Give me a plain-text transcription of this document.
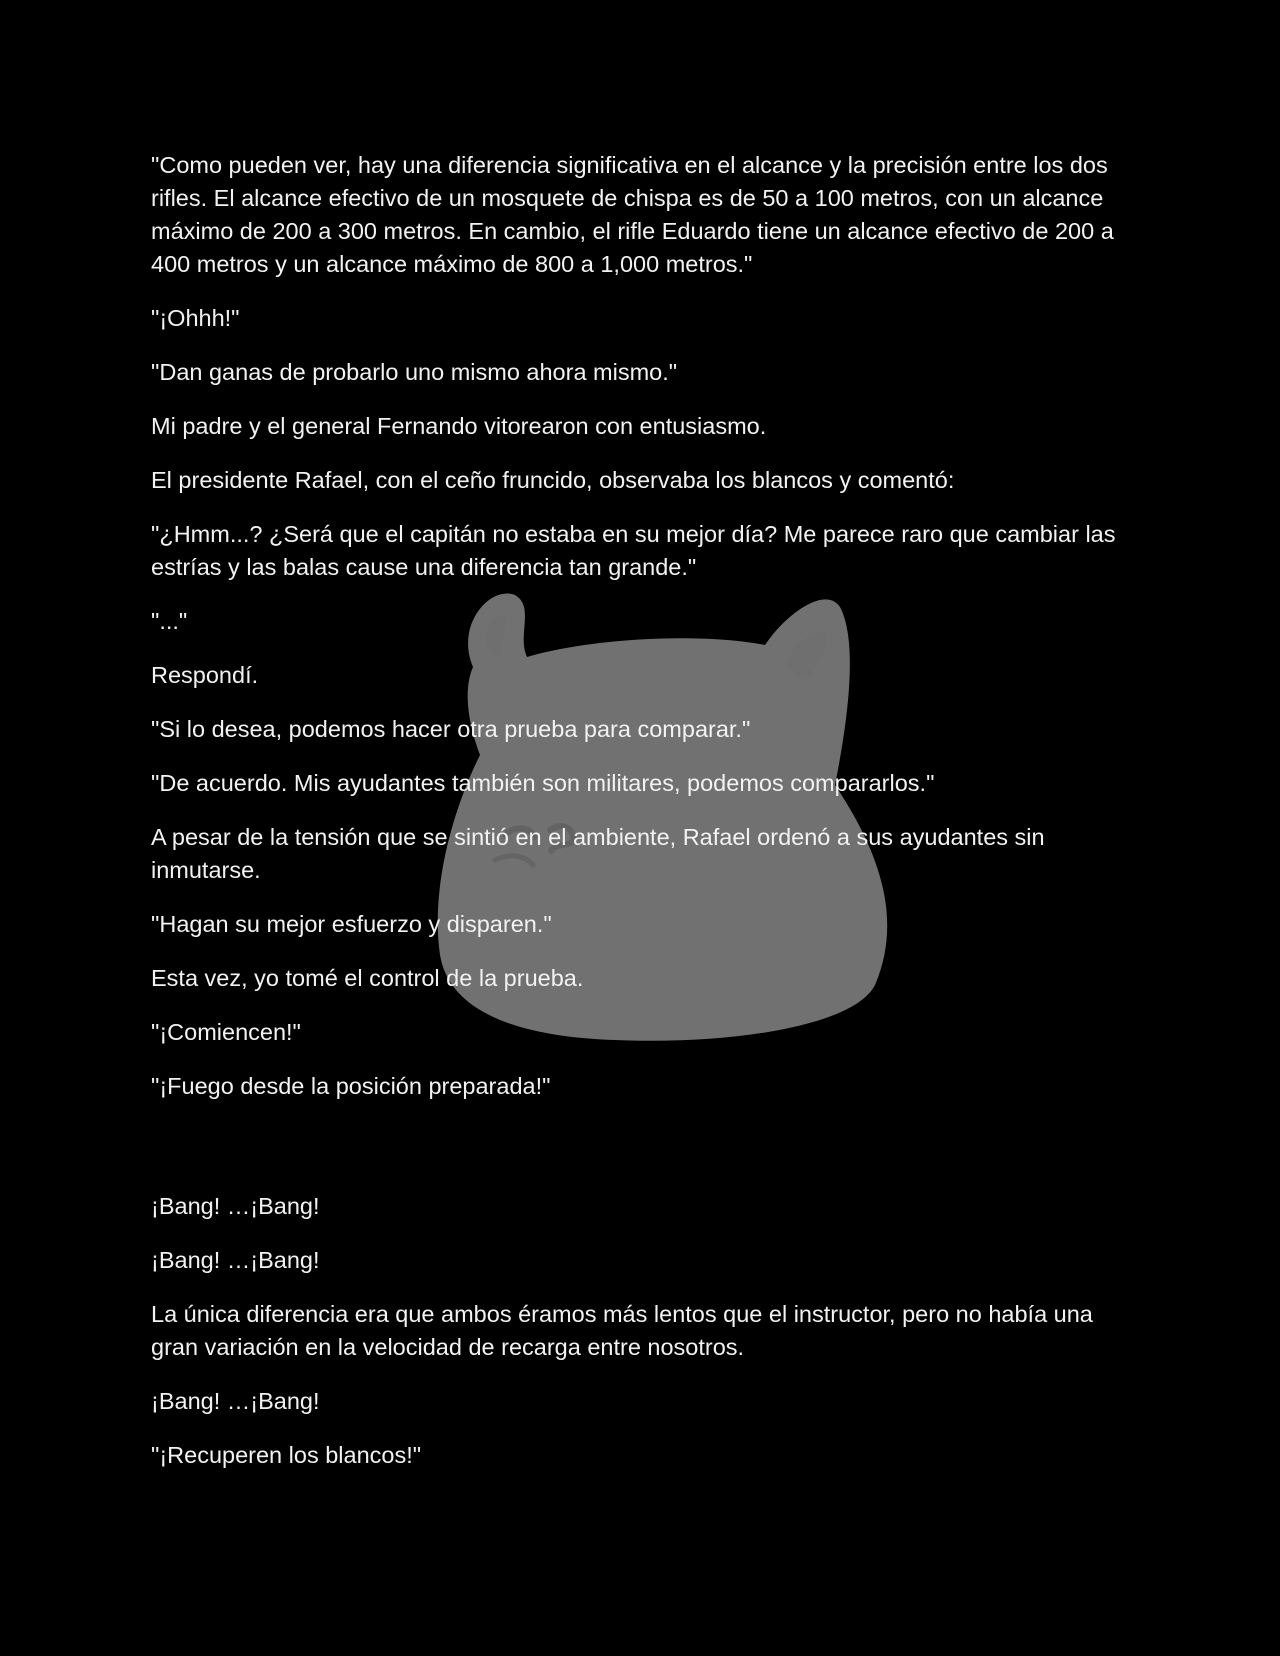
"Como pueden ver, hay una diferencia significativa en el alcance y la precisión entre los dos rifles. El alcance efectivo de un mosquete de chispa es de 50 a 100 metros, con un alcance máximo de 200 a 300 metros. En cambio, el rifle Eduardo tiene un alcance efectivo de 200 a 400 metros y un alcance máximo de 800 a 1,000 metros."

"¡Ohhh!"

"Dan ganas de probarlo uno mismo ahora mismo."

Mi padre y el general Fernando vitorearon con entusiasmo.

El presidente Rafael, con el ceño fruncido, observaba los blancos y comentó:

"¿Hmm...? ¿Será que el capitán no estaba en su mejor día? Me parece raro que cambiar las estrías y las balas cause una diferencia tan grande."

"..."

Respondí.

"Si lo desea, podemos hacer otra prueba para comparar."

"De acuerdo. Mis ayudantes también son militares, podemos compararlos."

A pesar de la tensión que se sintió en el ambiente, Rafael ordenó a sus ayudantes sin inmutarse.

"Hagan su mejor esfuerzo y disparen."

Esta vez, yo tomé el control de la prueba.

"¡Comiencen!"

"¡Fuego desde la posición preparada!"

¡Bang! …¡Bang!

¡Bang! …¡Bang!

La única diferencia era que ambos éramos más lentos que el instructor, pero no había una gran variación en la velocidad de recarga entre nosotros.

¡Bang! …¡Bang!

"¡Recuperen los blancos!"
